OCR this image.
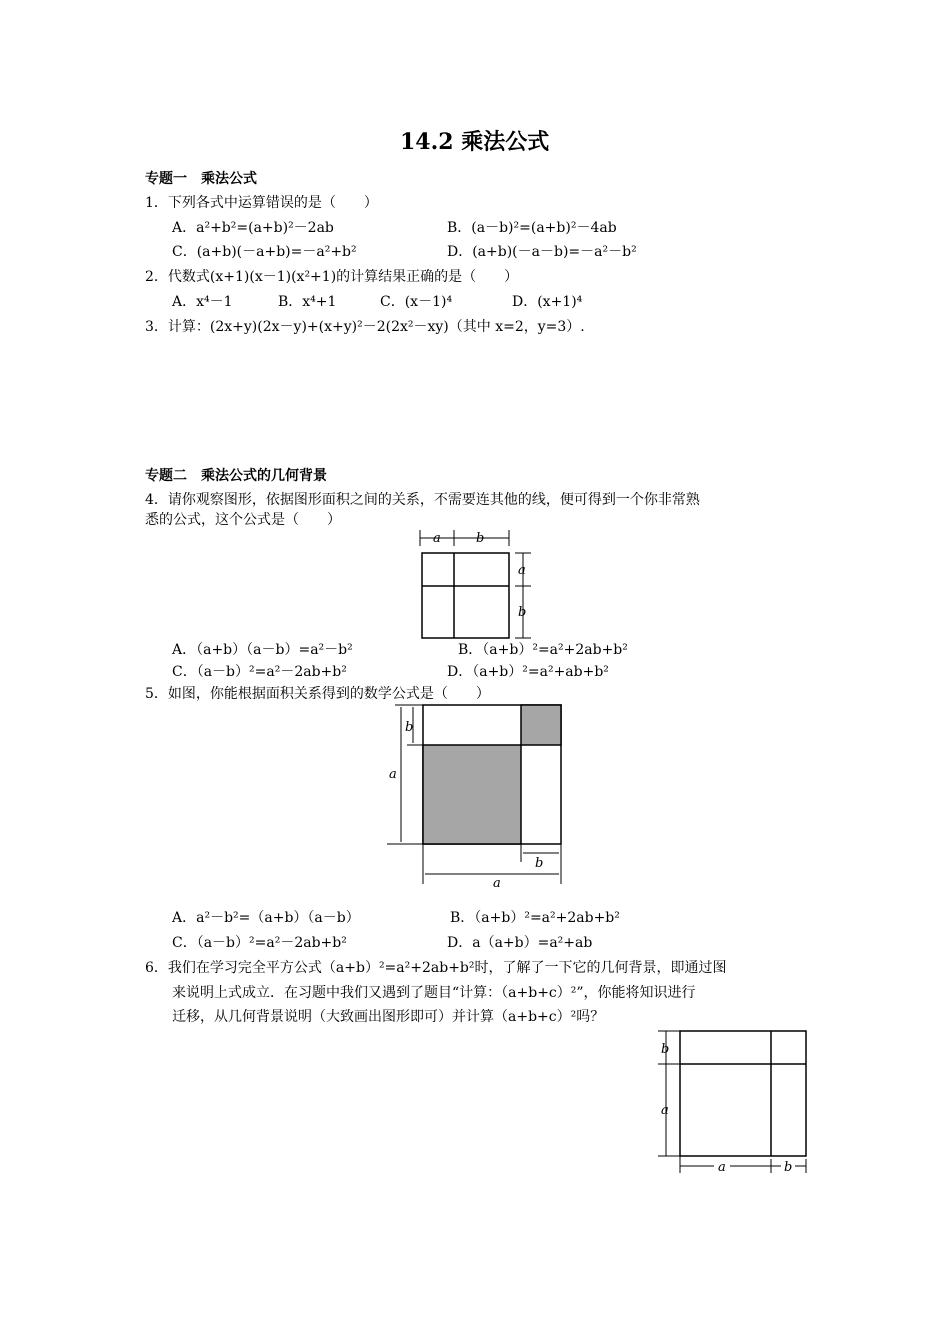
14.2 乘法公式
专题一　乘法公式
1．下列各式中运算错误的是（　　）
A．a²+b²=(a+b)²－2ab	B．(a－b)²=(a+b)²－4ab
C．(a+b)(－a+b)=－a²+b²	D．(a+b)(－a－b)=－a²－b²
2．代数式(x+1)(x－1)(x²+1)的计算结果正确的是（　　）
A．x⁴－1	B．x⁴+1	C．(x－1)⁴	D．(x+1)⁴
3．计算：(2x+y)(2x－y)+(x+y)²－2(2x²－xy)（其中 x=2，y=3）.
专题二　乘法公式的几何背景
4．请你观察图形，依据图形面积之间的关系，不需要连其他的线，便可得到一个你非常熟
悉的公式，这个公式是（　　）
a	b
a
b
A．（a+b）（a－b）=a²－b²	B．（a+b）²=a²+2ab+b²
C．（a－b）²=a²－2ab+b²	D．（a+b）²=a²+ab+b²
5．如图，你能根据面积关系得到的数学公式是（　　）
b
a
b
a
A．a²－b²=（a+b）（a－b）	B．（a+b）²=a²+2ab+b²
C．（a－b）²=a²－2ab+b²	D．a（a+b）=a²+ab
6．我们在学习完全平方公式（a+b）²=a²+2ab+b²时，了解了一下它的几何背景，即通过图
来说明上式成立．在习题中我们又遇到了题目“计算：（a+b+c）²”，你能将知识进行
迁移，从几何背景说明（大致画出图形即可）并计算（a+b+c）²吗？
b
a
a	b
